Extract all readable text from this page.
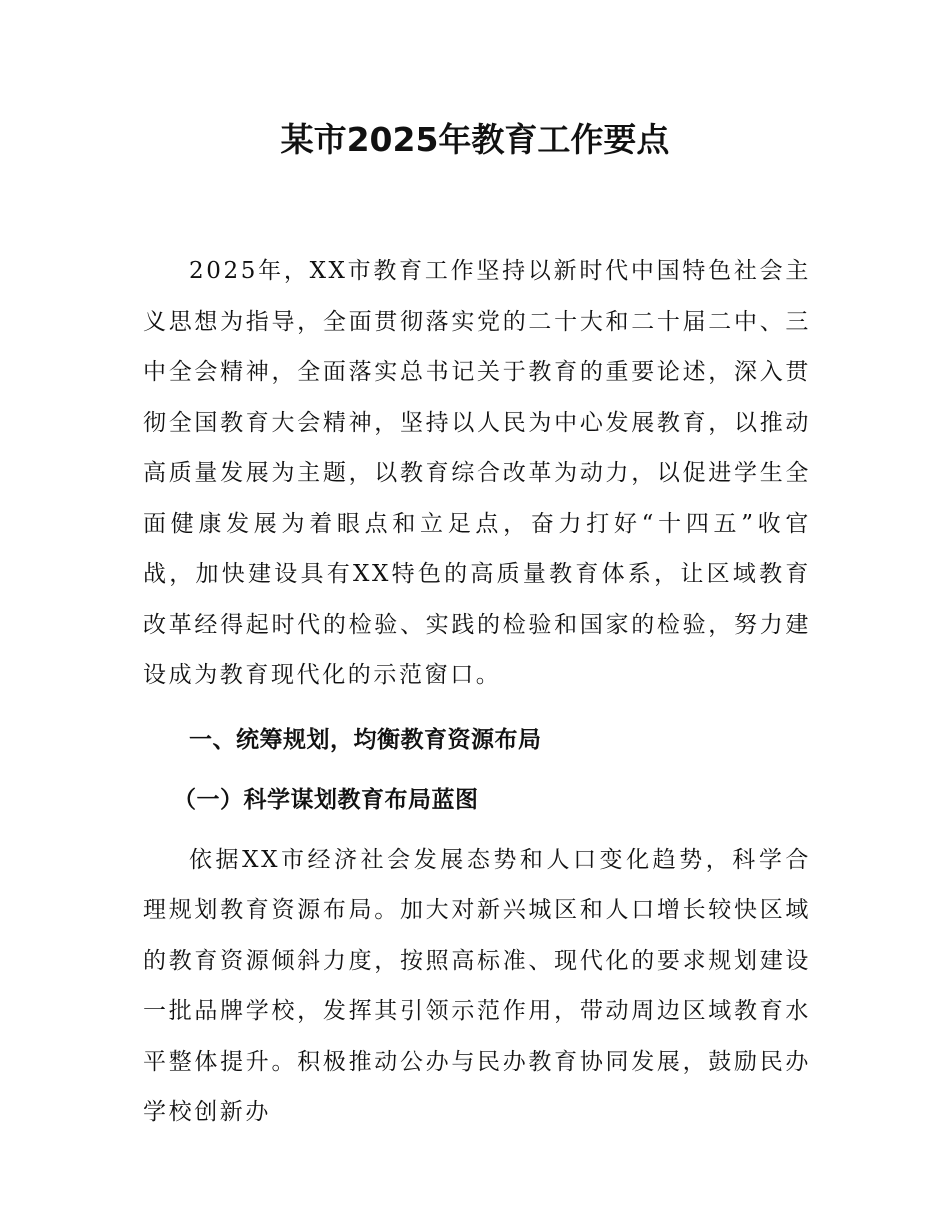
某市2025年教育工作要点

2025年，XX市教育工作坚持以新时代中国特色社会主义思想为指导，全面贯彻落实党的二十大和二十届二中、三中全会精神，全面落实总书记关于教育的重要论述，深入贯彻全国教育大会精神，坚持以人民为中心发展教育，以推动高质量发展为主题，以教育综合改革为动力，以促进学生全面健康发展为着眼点和立足点，奋力打好“十四五”收官战，加快建设具有XX特色的高质量教育体系，让区域教育改革经得起时代的检验、实践的检验和国家的检验，努力建设成为教育现代化的示范窗口。

一、统筹规划，均衡教育资源布局

（一）科学谋划教育布局蓝图

依据XX市经济社会发展态势和人口变化趋势，科学合理规划教育资源布局。加大对新兴城区和人口增长较快区域的教育资源倾斜力度，按照高标准、现代化的要求规划建设一批品牌学校，发挥其引领示范作用，带动周边区域教育水平整体提升。积极推动公办与民办教育协同发展，鼓励民办学校创新办
